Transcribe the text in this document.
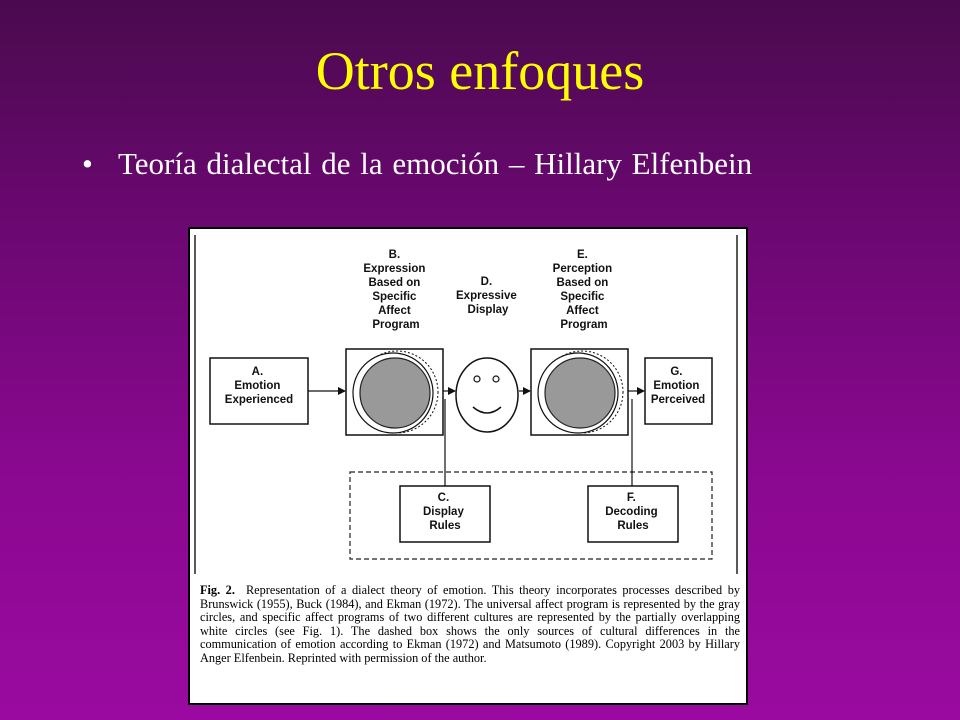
Otros enfoques
• Teoría dialectal de la emoción – Hillary Elfenbein
A. Emotion Experienced
B. Expression Based on Specific Affect Program
D. Expressive Display
E. Perception Based on Specific Affect Program
G. Emotion Perceived
C. Display Rules
F. Decoding Rules

Fig. 2. Representation of a dialect theory of emotion. This theory incorporates processes described by Brunswick (1955), Buck (1984), and Ekman (1972). The universal affect program is represented by the gray circles, and specific affect programs of two different cultures are represented by the partially overlapping white circles (see Fig. 1). The dashed box shows the only sources of cultural differences in the communication of emotion according to Ekman (1972) and Matsumoto (1989). Copyright 2003 by Hillary Anger Elfenbein. Reprinted with permission of the author.
